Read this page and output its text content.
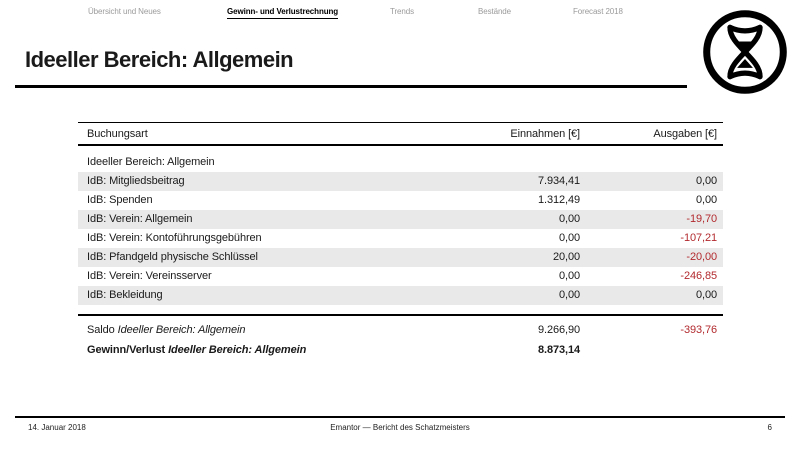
Übersicht und Neues	Gewinn- und Verlustrechnung	Trends	Bestände	Forecast 2018
Ideeller Bereich: Allgemein
Buchungsart	Einnahmen [€]	Ausgaben [€]
Ideeller Bereich: Allgemein
IdB: Mitgliedsbeitrag	7.934,41	0,00
IdB: Spenden	1.312,49	0,00
IdB: Verein: Allgemein	0,00	-19,70
IdB: Verein: Kontoführungsgebühren	0,00	-107,21
IdB: Pfandgeld physische Schlüssel	20,00	-20,00
IdB: Verein: Vereinsserver	0,00	-246,85
IdB: Bekleidung	0,00	0,00
Saldo Ideeller Bereich: Allgemein	9.266,90	-393,76
Gewinn/Verlust Ideeller Bereich: Allgemein	8.873,14
14. Januar 2018	Emantor — Bericht des Schatzmeisters	6
